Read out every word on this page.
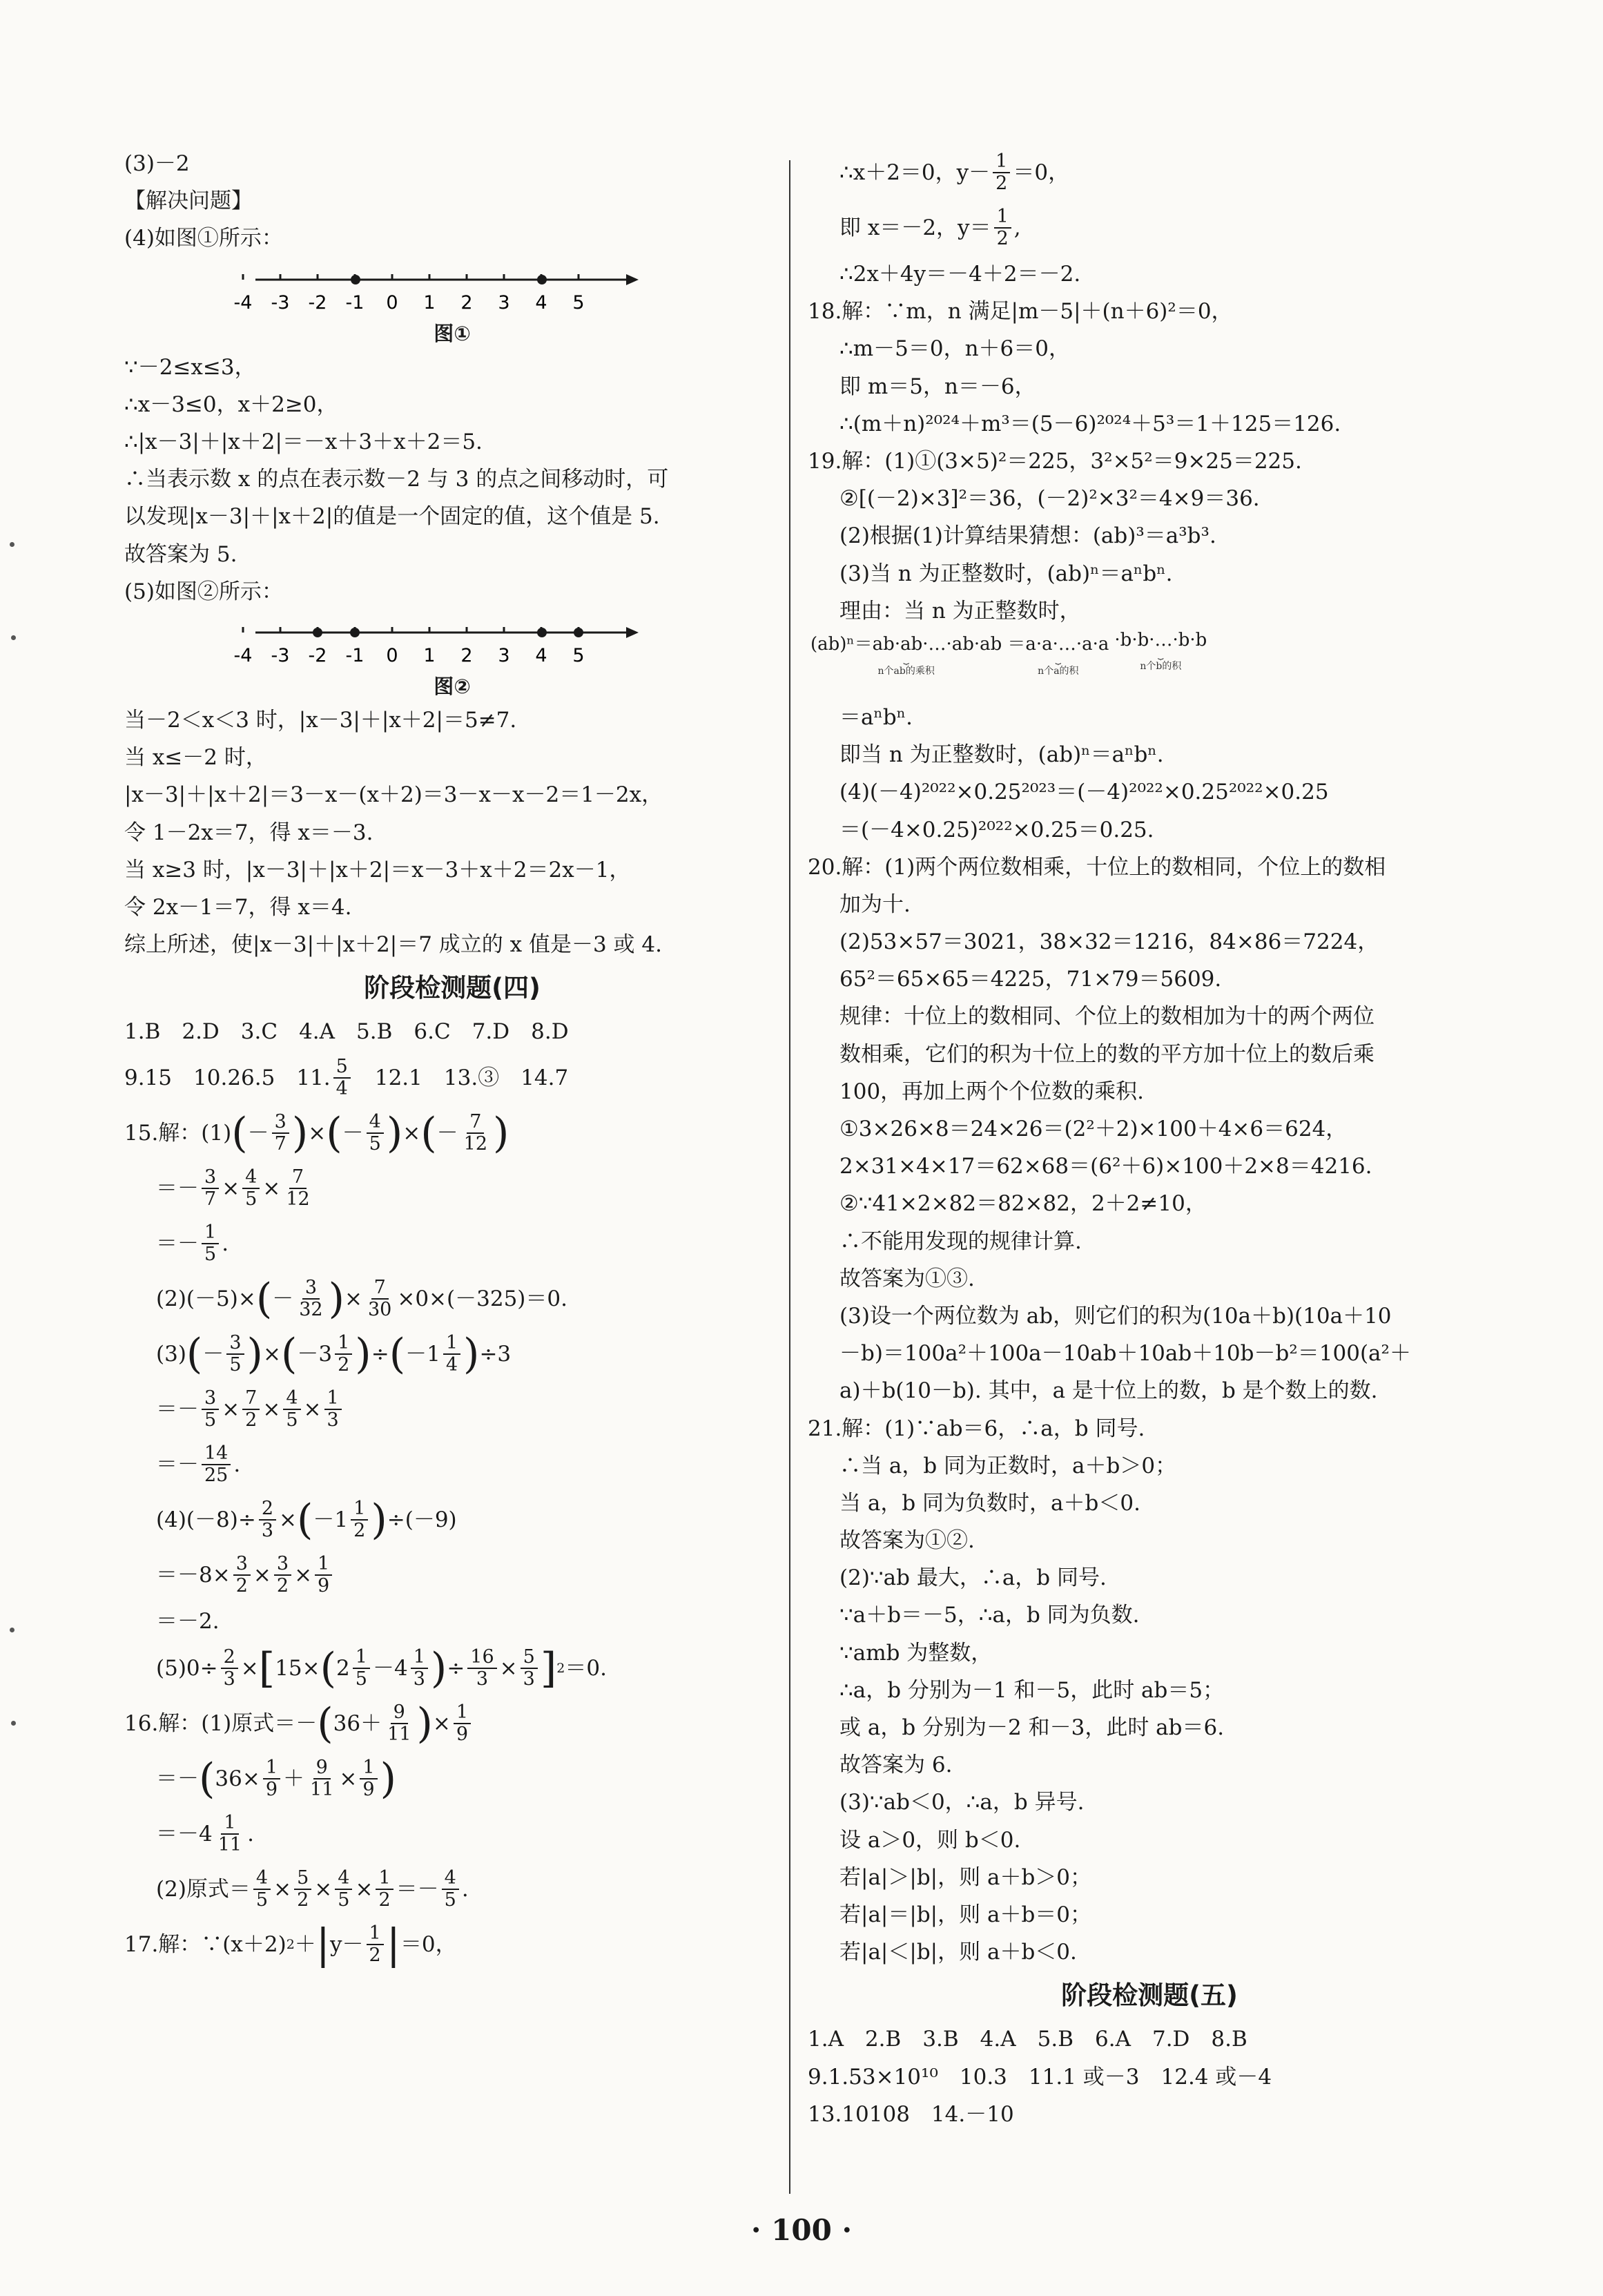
(3)－2
【解决问题】
(4)如图①所示：
-4 -3 -2 -1 0 1 2 3 4 5
图①
∵－2≤x≤3，
∴x－3≤0，x＋2≥0，
∴|x－3|＋|x＋2|＝－x＋3＋x＋2＝5.
∴当表示数 x 的点在表示数－2 与 3 的点之间移动时，可
以发现|x－3|＋|x＋2|的值是一个固定的值，这个值是 5.
故答案为 5.
(5)如图②所示：
-4 -3 -2 -1 0 1 2 3 4 5
图②
当－2＜x＜3 时，|x－3|＋|x＋2|＝5≠7.
当 x≤－2 时，
|x－3|＋|x＋2|＝3－x－(x＋2)＝3－x－x－2＝1－2x，
令 1－2x＝7，得 x＝－3.
当 x≥3 时，|x－3|＋|x＋2|＝x－3＋x＋2＝2x－1，
令 2x－1＝7，得 x＝4.
综上所述，使|x－3|＋|x＋2|＝7 成立的 x 值是－3 或 4.
阶段检测题(四)
1.B　2.D　3.C　4.A　5.B　6.C　7.D　8.D
9.15　10.26.5　11. $\frac{5}{4}$ 　12.1　13.③　14.7
15.解：(1) ( － $\frac{3}{7}$ ) × ( － $\frac{4}{5}$ ) × ( － $\frac{7}{12}$ )
＝ － $\frac{3}{7} \times \frac{4}{5} \times \frac{7}{12}$
＝ － $\frac{1}{5}$ .
(2)(－5)× ( － $\frac{3}{32}$ ) × $\frac{7}{30} \times 0\times(-325)=0$.
(3) ( － $\frac{3}{5}$ ) × ( $-3 \frac{1}{2}$ ) ÷ ( $-1 \frac{1}{4}$ ) ÷3
＝－ $\frac{3}{5} \times \frac{7}{2} \times \frac{4}{5} \times \frac{1}{3}$
＝－ $\frac{14}{25}$ .
$(4)(-8)\div \frac{2}{3}$ × ( $-1 \frac{1}{2}$ ) ÷(－9)
$=-8\times \frac{3}{2} \times \frac{3}{2} \times \frac{1}{9}$
＝－2.
$(5)0\div \frac{2}{3}$ × [ 15× ( $2 \frac{1}{5} -4 \frac{1}{3}$ ) ÷ $\frac{16}{3} \times \frac{5}{3}$ ] 2 ＝0.
16.解：(1)原式＝－ ( $36+ \frac{9}{11}$ ) × $\frac{1}{9}$
＝－ ( $36\times \frac{1}{9} + \frac{9}{11} \times \frac{1}{9}$ )
$=-4 \frac{1}{11}$ .
(2)原式＝ $\frac{4}{5} \times \frac{5}{2} \times \frac{4}{5} \times \frac{1}{2} =- \frac{4}{5}$ .
17.解：∵(x＋2) 2 ＋ | $y- \frac{1}{2}$ | ＝0，
∴x＋2＝0，$y- \frac{1}{2} =0$，
即 x＝－2，$y= \frac{1}{2}$ ,
∴2x＋4y＝－4＋2＝－2.
18.解：∵m，n 满足|m－5|＋(n＋6)²＝0，
∴m－5＝0，n＋6＝0，
即 m＝5，n＝－6，
∴(m＋n)²⁰²⁴＋m³＝(5－6)²⁰²⁴＋5³＝1＋125＝126.
19.解：(1)①(3×5)²＝225，3²×5²＝9×25＝225.
②[(－2)×3]²＝36，(－2)²×3²＝4×9＝36.
(2)根据(1)计算结果猜想：(ab)³＝a³b³.
(3)当 n 为正整数时，(ab)ⁿ＝aⁿbⁿ.
理由：当 n 为正整数时，
(ab)ⁿ＝ab·ab·…·ab·ab
⏟
n个ab的乘积
＝a·a·…·a·a
⏟
n个a的积
·b·b·…·b·b
⏟
n个b的积
＝aⁿbⁿ.
即当 n 为正整数时，(ab)ⁿ＝aⁿbⁿ.
(4)(－4)²⁰²²×0.25²⁰²³＝(－4)²⁰²²×0.25²⁰²²×0.25
＝(－4×0.25)²⁰²²×0.25＝0.25.
20.解：(1)两个两位数相乘，十位上的数相同，个位上的数相
加为十.
(2)53×57＝3021，38×32＝1216，84×86＝7224，
65²＝65×65＝4225，71×79＝5609.
规律：十位上的数相同、个位上的数相加为十的两个两位
数相乘，它们的积为十位上的数的平方加十位上的数后乘
100，再加上两个个位数的乘积.
①3×26×8＝24×26＝(2²＋2)×100＋4×6＝624，
2×31×4×17＝62×68＝(6²＋6)×100＋2×8＝4216.
②∵41×2×82＝82×82，2＋2≠10，
∴不能用发现的规律计算.
故答案为①③.
(3)设一个两位数为 ab，则它们的积为(10a＋b)(10a＋10
－b)＝100a²＋100a－10ab＋10ab＋10b－b²＝100(a²＋
a)＋b(10－b). 其中，a 是十位上的数，b 是个数上的数.
21.解：(1)∵ab＝6，∴a，b 同号.
∴当 a，b 同为正数时，a＋b＞0；
当 a，b 同为负数时，a＋b＜0.
故答案为①②.
(2)∵ab 最大，∴a，b 同号.
∵a＋b＝－5，∴a，b 同为负数.
∵amb 为整数，
∴a，b 分别为－1 和－5，此时 ab＝5；
或 a，b 分别为－2 和－3，此时 ab＝6.
故答案为 6.
(3)∵ab＜0，∴a，b 异号.
设 a＞0，则 b＜0.
若|a|＞|b|，则 a＋b＞0；
若|a|＝|b|，则 a＋b＝0；
若|a|＜|b|，则 a＋b＜0.
阶段检测题(五)
1.A　2.B　3.B　4.A　5.B　6.A　7.D　8.B
9.1.53×10¹⁰　10.3　11.1 或－3　12.4 或－4
13.10108　14.－10
· 100 ·
